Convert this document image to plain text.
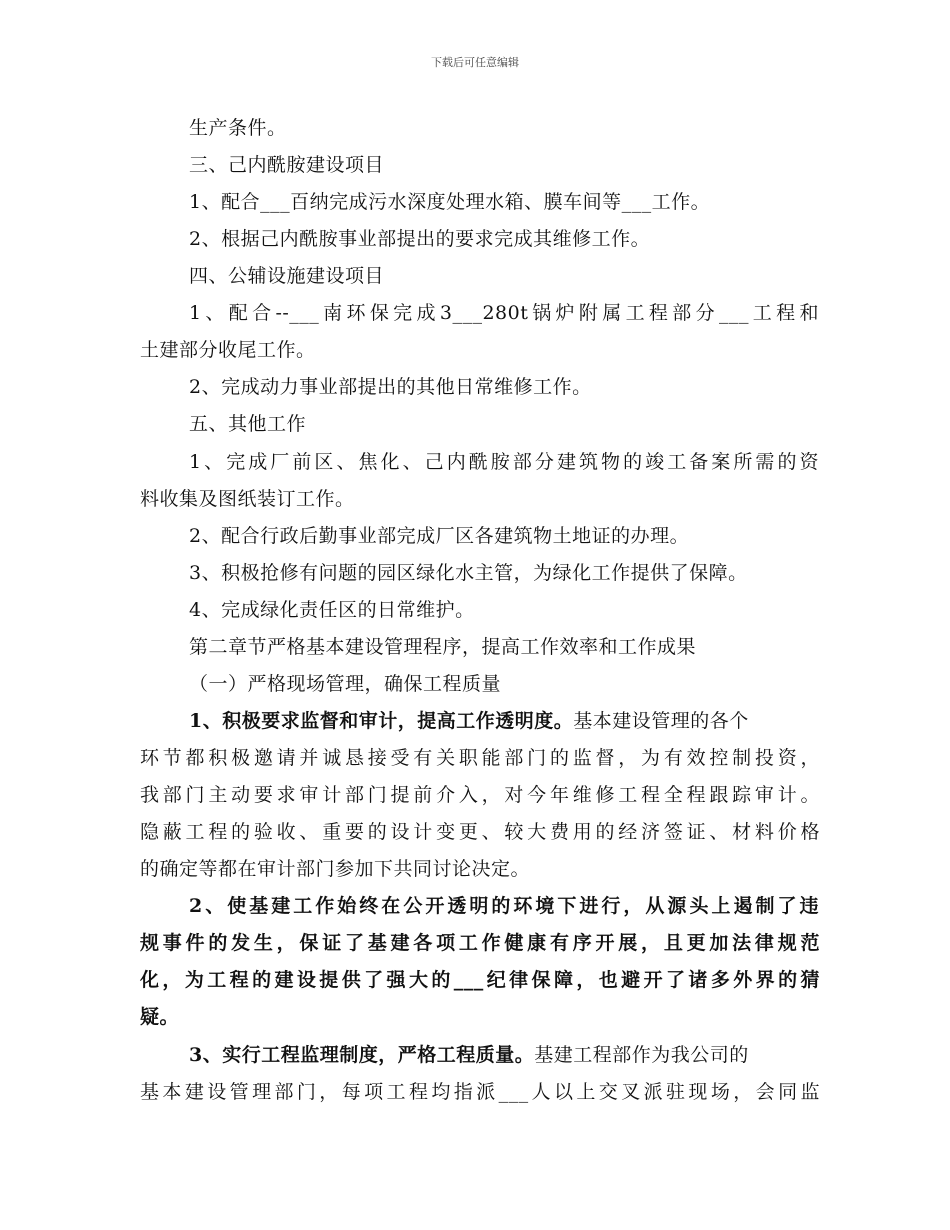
下载后可任意编辑
生产条件。
三、己内酰胺建设项目
1、配合___百纳完成污水深度处理水箱、膜车间等___工作。
2、根据己内酰胺事业部提出的要求完成其维修工作。
四、公辅设施建设项目
1、配合--___南环保完成3___280t锅炉附属工程部分___工程和
土建部分收尾工作。
2、完成动力事业部提出的其他日常维修工作。
五、其他工作
1、完成厂前区、焦化、己内酰胺部分建筑物的竣工备案所需的资
料收集及图纸装订工作。
2、配合行政后勤事业部完成厂区各建筑物土地证的办理。
3、积极抢修有问题的园区绿化水主管，为绿化工作提供了保障。
4、完成绿化责任区的日常维护。
第二章节严格基本建设管理程序，提高工作效率和工作成果
（一）严格现场管理，确保工程质量
1、积极要求监督和审计，提高工作透明度。基本建设管理的各个
环节都积极邀请并诚恳接受有关职能部门的监督，为有效控制投资，
我部门主动要求审计部门提前介入，对今年维修工程全程跟踪审计。
隐蔽工程的验收、重要的设计变更、较大费用的经济签证、材料价格
的确定等都在审计部门参加下共同讨论决定。
2、使基建工作始终在公开透明的环境下进行，从源头上遏制了违
规事件的发生，保证了基建各项工作健康有序开展，且更加法律规范
化，为工程的建设提供了强大的___纪律保障，也避开了诸多外界的猜
疑。
3、实行工程监理制度，严格工程质量。基建工程部作为我公司的
基本建设管理部门，每项工程均指派___人以上交叉派驻现场，会同监
